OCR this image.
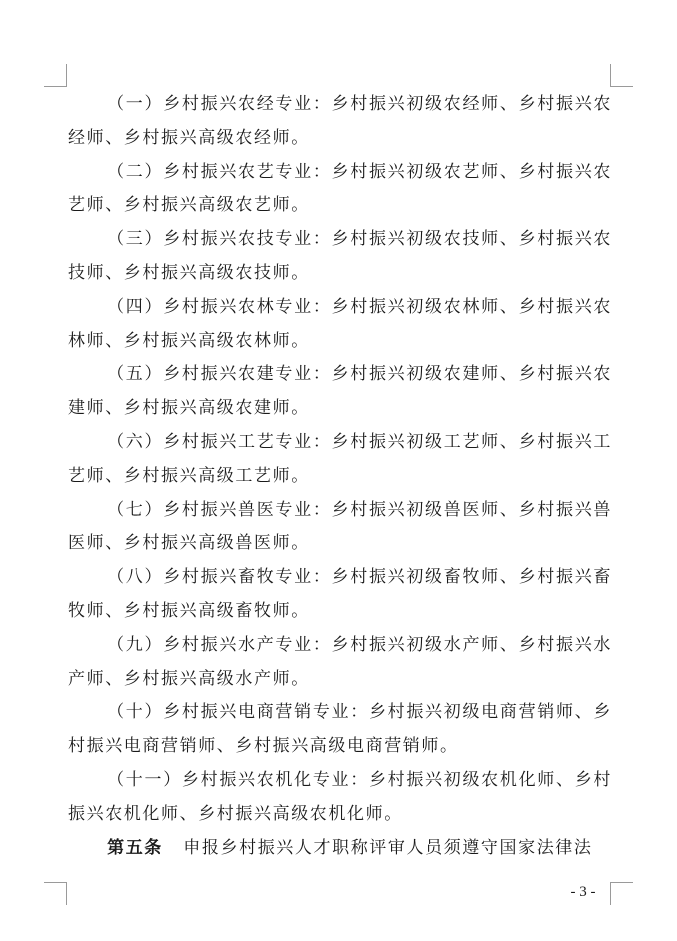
（一）乡村振兴农经专业：乡村振兴初级农经师、乡村振兴农经师、乡村振兴高级农经师。

（二）乡村振兴农艺专业：乡村振兴初级农艺师、乡村振兴农艺师、乡村振兴高级农艺师。

（三）乡村振兴农技专业：乡村振兴初级农技师、乡村振兴农技师、乡村振兴高级农技师。

（四）乡村振兴农林专业：乡村振兴初级农林师、乡村振兴农林师、乡村振兴高级农林师。

（五）乡村振兴农建专业：乡村振兴初级农建师、乡村振兴农建师、乡村振兴高级农建师。

（六）乡村振兴工艺专业：乡村振兴初级工艺师、乡村振兴工艺师、乡村振兴高级工艺师。

（七）乡村振兴兽医专业：乡村振兴初级兽医师、乡村振兴兽医师、乡村振兴高级兽医师。

（八）乡村振兴畜牧专业：乡村振兴初级畜牧师、乡村振兴畜牧师、乡村振兴高级畜牧师。

（九）乡村振兴水产专业：乡村振兴初级水产师、乡村振兴水产师、乡村振兴高级水产师。

（十）乡村振兴电商营销专业：乡村振兴初级电商营销师、乡村振兴电商营销师、乡村振兴高级电商营销师。

（十一）乡村振兴农机化专业：乡村振兴初级农机化师、乡村振兴农机化师、乡村振兴高级农机化师。

第五条 申报乡村振兴人才职称评审人员须遵守国家法律法

- 3 -
